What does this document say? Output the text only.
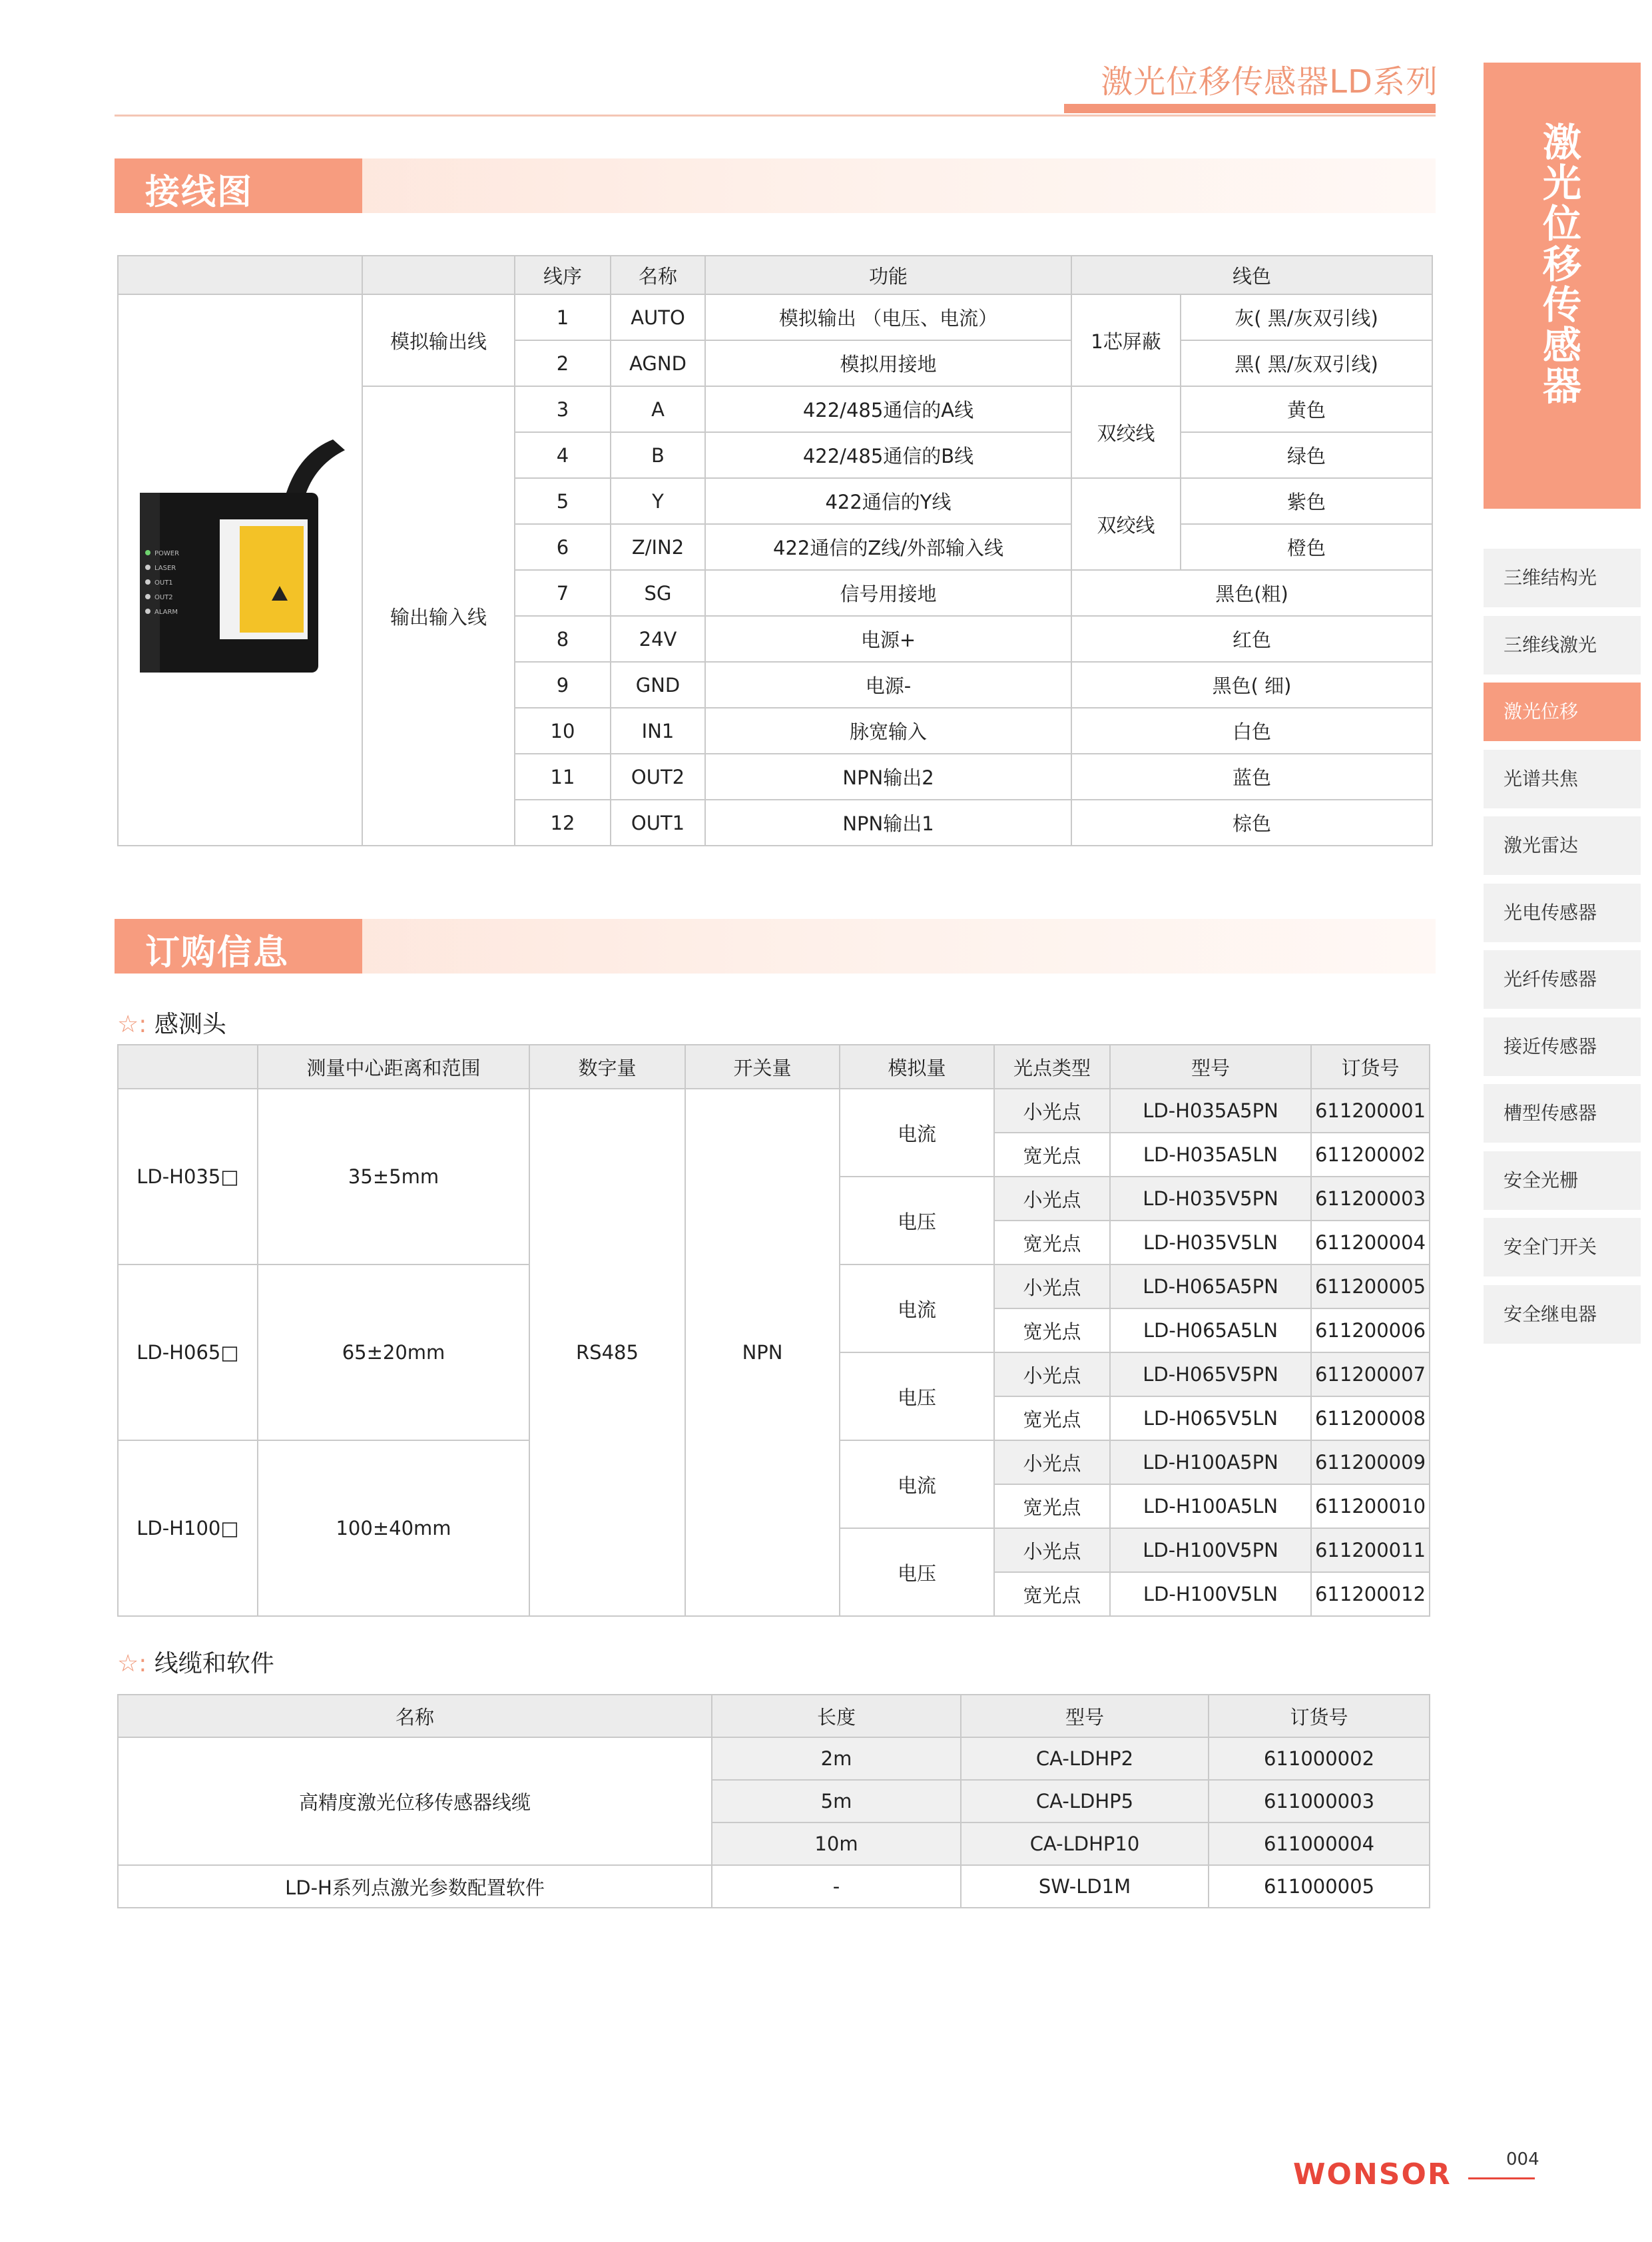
激光位移传感器LD系列
激
光
位
移
传
感
器
三维结构光
三维线激光
激光位移
光谱共焦
激光雷达
光电传感器
光纤传感器
接近传感器
槽型传感器
安全光栅
安全门开关
安全继电器
接线图
		线序	名称	功能	线色	
	模拟输出线	1	AUTO	模拟输出 （电压、电流）	1芯屏蔽	灰( 黑/灰双引线)
		2	AGND	模拟用接地		黑( 黑/灰双引线)
	输出输入线	3	A	422/485通信的A线	双绞线	黄色
		4	B	422/485通信的B线		绿色
		5	Y	422通信的Y线	双绞线	紫色
		6	Z/IN2	422通信的Z线/外部输入线		橙色
		7	SG	信号用接地	黑色(粗)	
		8	24V	电源+	红色	
		9	GND	电源-	黑色( 细)	
		10	IN1	脉宽输入	白色	
		11	OUT2	NPN输出2	蓝色	
		12	OUT1	NPN输出1	棕色	
POWER
LASER
OUT1
OUT2
ALARM
订购信息
☆: 感测头
	测量中心距离和范围	数字量	开关量	模拟量	光点类型	型号	订货号
LD-H035□	35±5mm	RS485	NPN	电流	小光点	LD-H035A5PN	611200001
					宽光点	LD-H035A5LN	611200002
				电压	小光点	LD-H035V5PN	611200003
					宽光点	LD-H035V5LN	611200004
LD-H065□	65±20mm			电流	小光点	LD-H065A5PN	611200005
					宽光点	LD-H065A5LN	611200006
				电压	小光点	LD-H065V5PN	611200007
					宽光点	LD-H065V5LN	611200008
LD-H100□	100±40mm			电流	小光点	LD-H100A5PN	611200009
					宽光点	LD-H100A5LN	611200010
				电压	小光点	LD-H100V5PN	611200011
					宽光点	LD-H100V5LN	611200012
☆: 线缆和软件
名称	长度	型号	订货号
高精度激光位移传感器线缆	2m	CA-LDHP2	611000002
	5m	CA-LDHP5	611000003
	10m	CA-LDHP10	611000004
LD-H系列点激光参数配置软件	-	SW-LD1M	611000005
WONSOR	004
